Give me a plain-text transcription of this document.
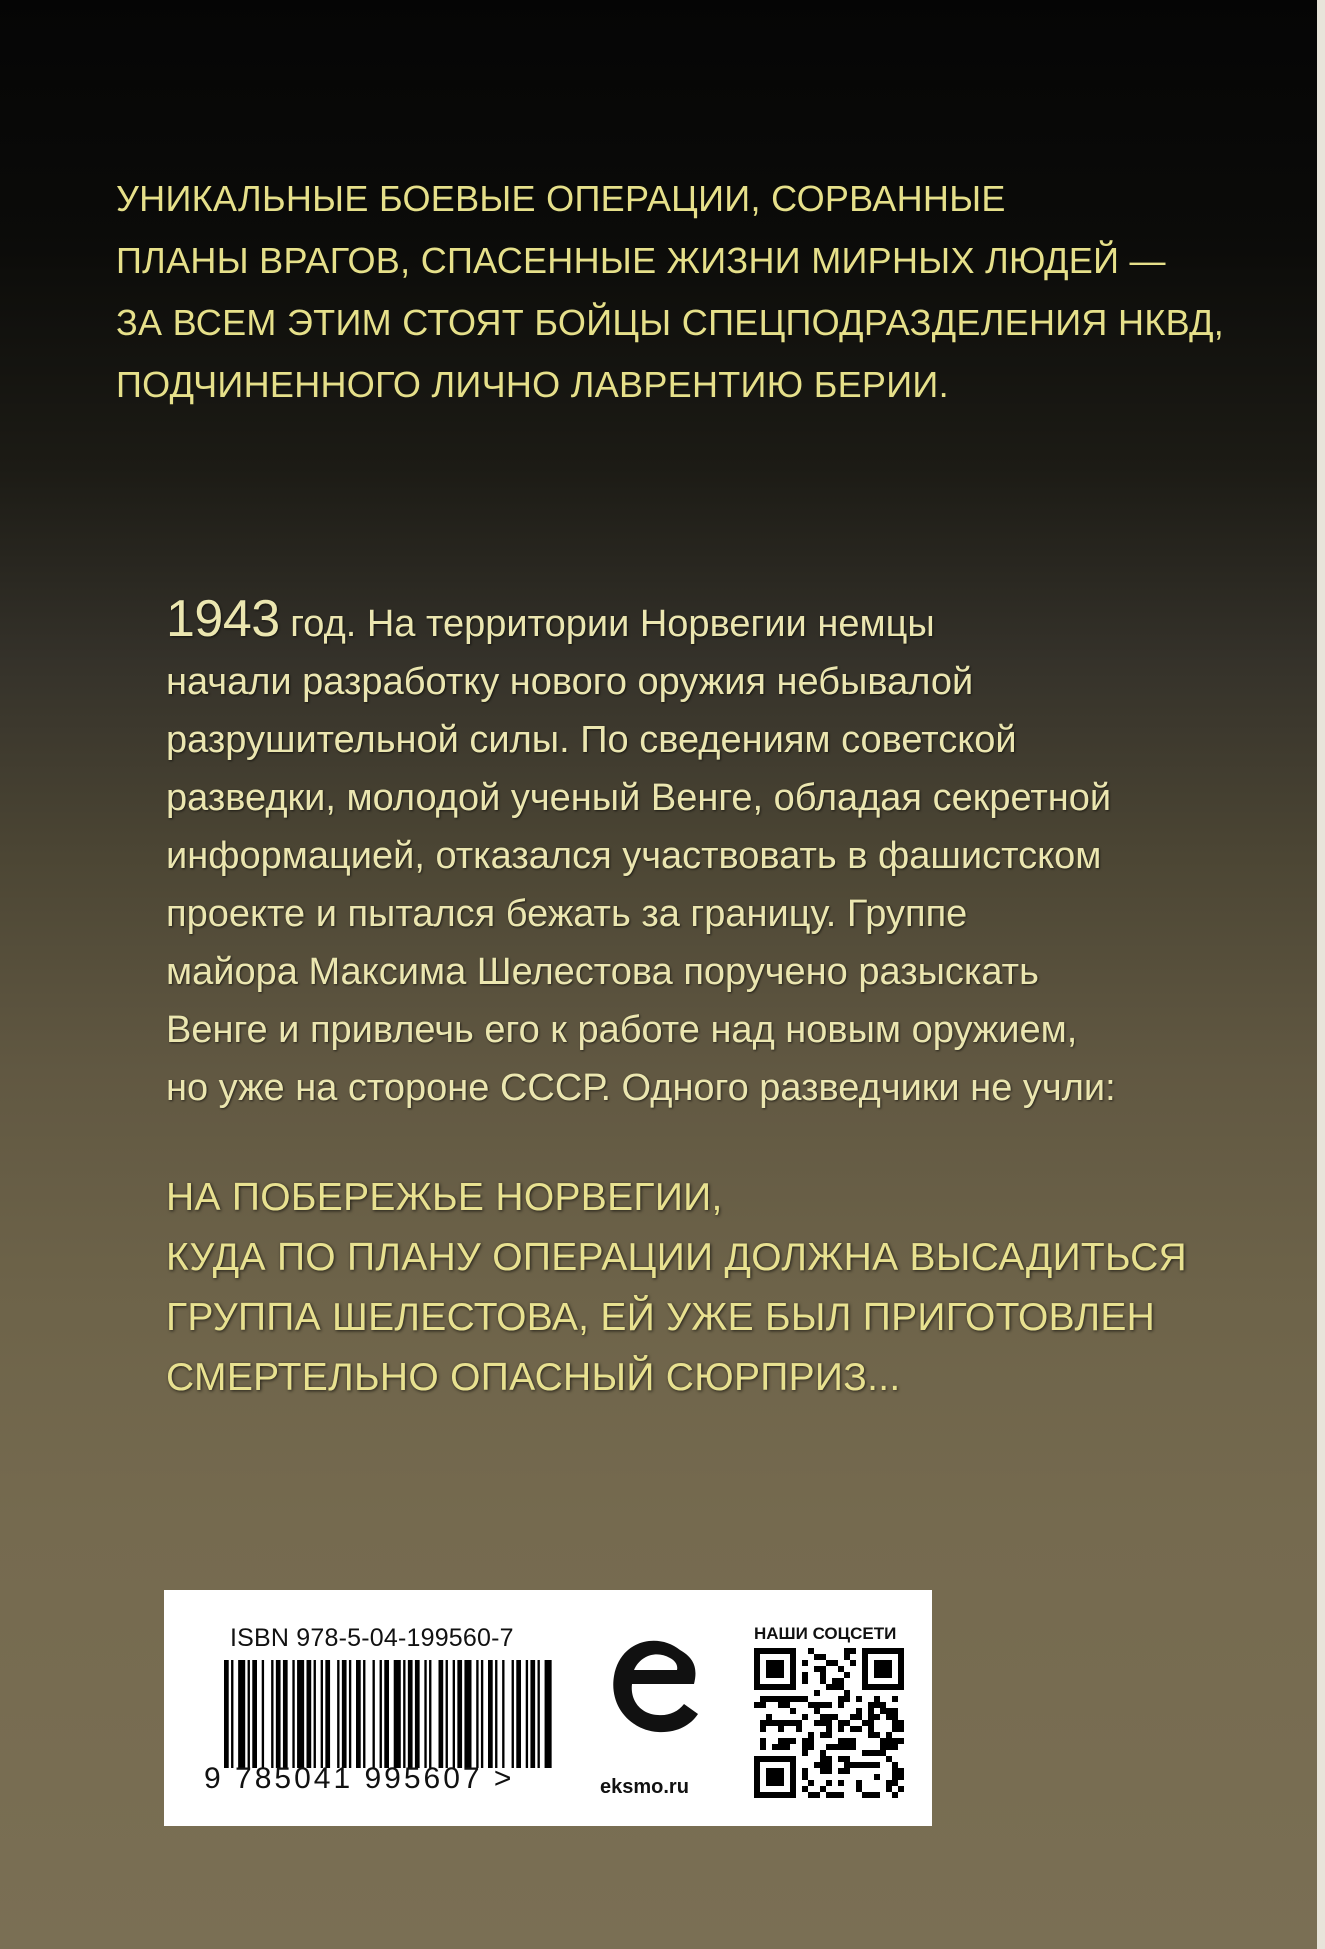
УНИКАЛЬНЫЕ БОЕВЫЕ ОПЕРАЦИИ, СОРВАННЫЕ
ПЛАНЫ ВРАГОВ, СПАСЕННЫЕ ЖИЗНИ МИРНЫХ ЛЮДЕЙ —
ЗА ВСЕМ ЭТИМ СТОЯТ БОЙЦЫ СПЕЦПОДРАЗДЕЛЕНИЯ НКВД,
ПОДЧИНЕННОГО ЛИЧНО ЛАВРЕНТИЮ БЕРИИ.
1943 год. На территории Норвегии немцы
начали разработку нового оружия небывалой
разрушительной силы. По сведениям советской
разведки, молодой ученый Венге, обладая секретной
информацией, отказался участвовать в фашистском
проекте и пытался бежать за границу. Группе
майора Максима Шелестова поручено разыскать
Венге и привлечь его к работе над новым оружием,
но уже на стороне СССР. Одного разведчики не учли:
НА ПОБЕРЕЖЬЕ НОРВЕГИИ,
КУДА ПО ПЛАНУ ОПЕРАЦИИ ДОЛЖНА ВЫСАДИТЬСЯ
ГРУППА ШЕЛЕСТОВА, ЕЙ УЖЕ БЫЛ ПРИГОТОВЛЕН
СМЕРТЕЛЬНО ОПАСНЫЙ СЮРПРИЗ...
ISBN 978-5-04-199560-7
9 785041 995607 >	eksmo.ru
НАШИ СОЦСЕТИ
